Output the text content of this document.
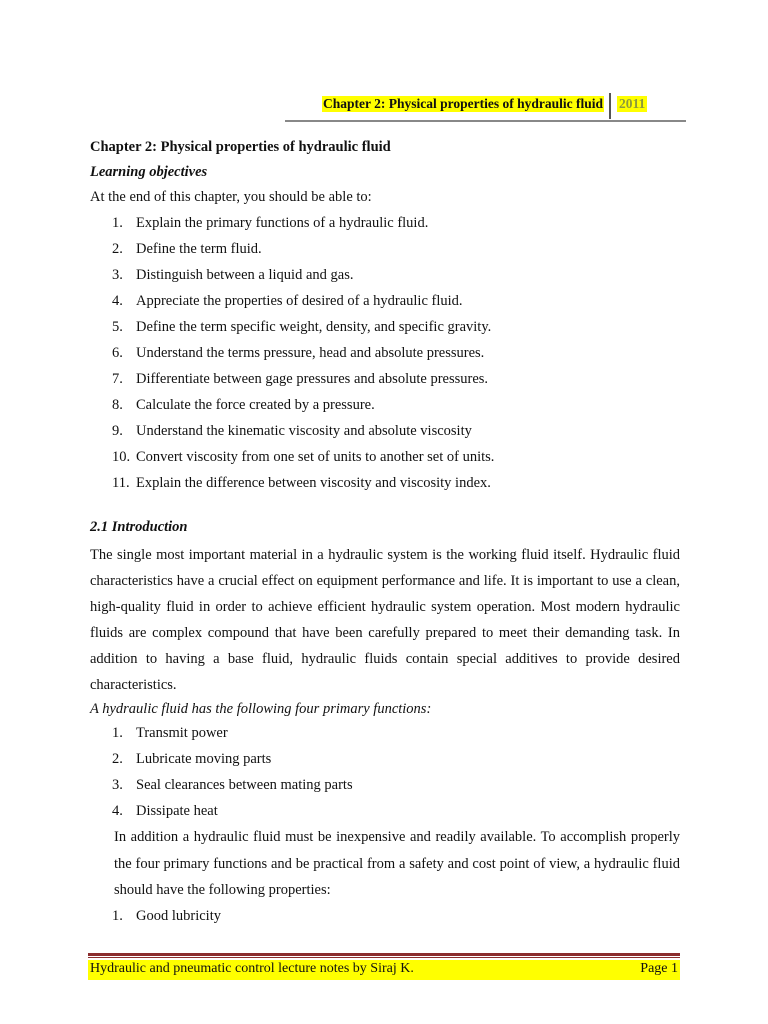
Chapter 2: Physical properties of hydraulic fluid 2011

Chapter 2: Physical properties of hydraulic fluid

Learning objectives

At the end of this chapter, you should be able to:

1. Explain the primary functions of a hydraulic fluid.
2. Define the term fluid.
3. Distinguish between a liquid and gas.
4. Appreciate the properties of desired of a hydraulic fluid.
5. Define the term specific weight, density, and specific gravity.
6. Understand the terms pressure, head and absolute pressures.
7. Differentiate between gage pressures and absolute pressures.
8. Calculate the force created by a pressure.
9. Understand the kinematic viscosity and absolute viscosity
10. Convert viscosity from one set of units to another set of units.
11. Explain the difference between viscosity and viscosity index.

2.1 Introduction

The single most important material in a hydraulic system is the working fluid itself. Hydraulic fluid characteristics have a crucial effect on equipment performance and life. It is important to use a clean, high-quality fluid in order to achieve efficient hydraulic system operation. Most modern hydraulic fluids are complex compound that have been carefully prepared to meet their demanding task. In addition to having a base fluid, hydraulic fluids contain special additives to provide desired characteristics.

A hydraulic fluid has the following four primary functions:

1. Transmit power
2. Lubricate moving parts
3. Seal clearances between mating parts
4. Dissipate heat

In addition a hydraulic fluid must be inexpensive and readily available. To accomplish properly the four primary functions and be practical from a safety and cost point of view, a hydraulic fluid should have the following properties:

1. Good lubricity
Hydraulic and pneumatic control lecture notes by Siraj K.	Page 1
